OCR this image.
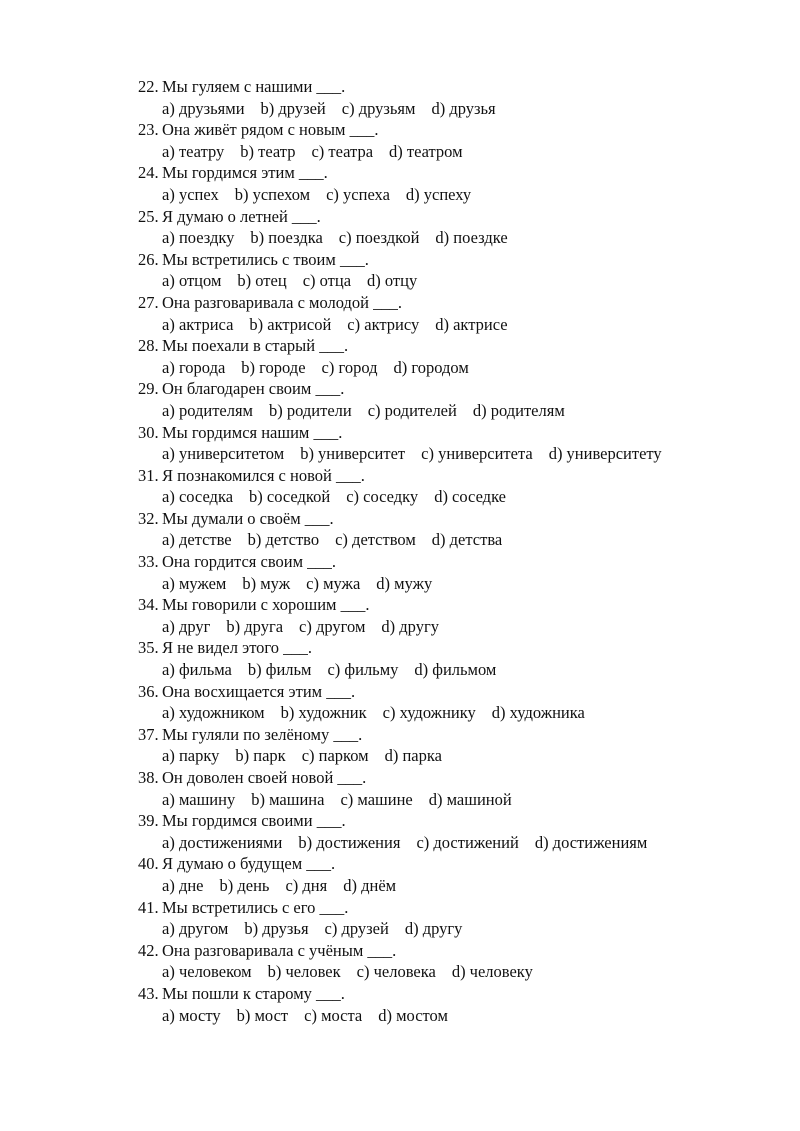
22. Мы гуляем с нашими ___.
a) друзьями b) друзей c) друзьям d) друзья
23. Она живёт рядом с новым ___.
a) театру b) театр c) театра d) театром
24. Мы гордимся этим ___.
a) успех b) успехом c) успеха d) успеху
25. Я думаю о летней ___.
a) поездку b) поездка c) поездкой d) поездке
26. Мы встретились с твоим ___.
a) отцом b) отец c) отца d) отцу
27. Она разговаривала с молодой ___.
a) актриса b) актрисой c) актрису d) актрисе
28. Мы поехали в старый ___.
a) города b) городе c) город d) городом
29. Он благодарен своим ___.
a) родителям b) родители c) родителей d) родителям
30. Мы гордимся нашим ___.
a) университетом b) университет c) университета d) университету
31. Я познакомился с новой ___.
a) соседка b) соседкой c) соседку d) соседке
32. Мы думали о своём ___.
a) детстве b) детство c) детством d) детства
33. Она гордится своим ___.
a) мужем b) муж c) мужа d) мужу
34. Мы говорили с хорошим ___.
a) друг b) друга c) другом d) другу
35. Я не видел этого ___.
a) фильма b) фильм c) фильму d) фильмом
36. Она восхищается этим ___.
a) художником b) художник c) художнику d) художника
37. Мы гуляли по зелёному ___.
a) парку b) парк c) парком d) парка
38. Он доволен своей новой ___.
a) машину b) машина c) машине d) машиной
39. Мы гордимся своими ___.
a) достижениями b) достижения c) достижений d) достижениям
40. Я думаю о будущем ___.
a) дне b) день c) дня d) днём
41. Мы встретились с его ___.
a) другом b) друзья c) друзей d) другу
42. Она разговаривала с учёным ___.
a) человеком b) человек c) человека d) человеку
43. Мы пошли к старому ___.
a) мосту b) мост c) моста d) мостом
